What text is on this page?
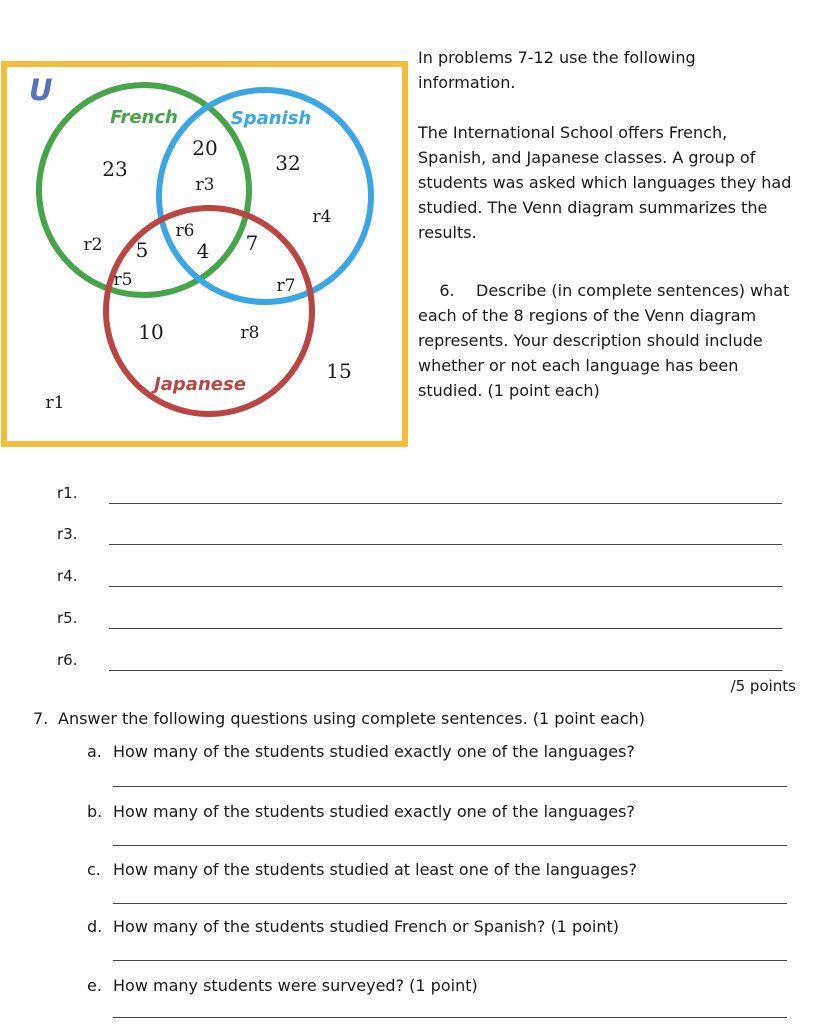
U
French	Spanish
Japanese
23
20
32
5 4 7
10
15
r1
r2
r3
r4
r5
r6
r7
r8

In problems 7-12 use the following information.

The International School offers French, Spanish, and Japanese classes. A group of students was asked which languages they had studied. The Venn diagram summarizes the results.

6. Describe (in complete sentences) what each of the 8 regions of the Venn diagram represents. Your description should include whether or not each language has been studied. (1 point each)

r1.
r3.
r4.
r5.
r6.
/5 points
7. Answer the following questions using complete sentences. (1 point each)
a. How many of the students studied exactly one of the languages?
b. How many of the students studied exactly one of the languages?
c. How many of the students studied at least one of the languages?
d. How many of the students studied French or Spanish? (1 point)
e. How many students were surveyed? (1 point)
